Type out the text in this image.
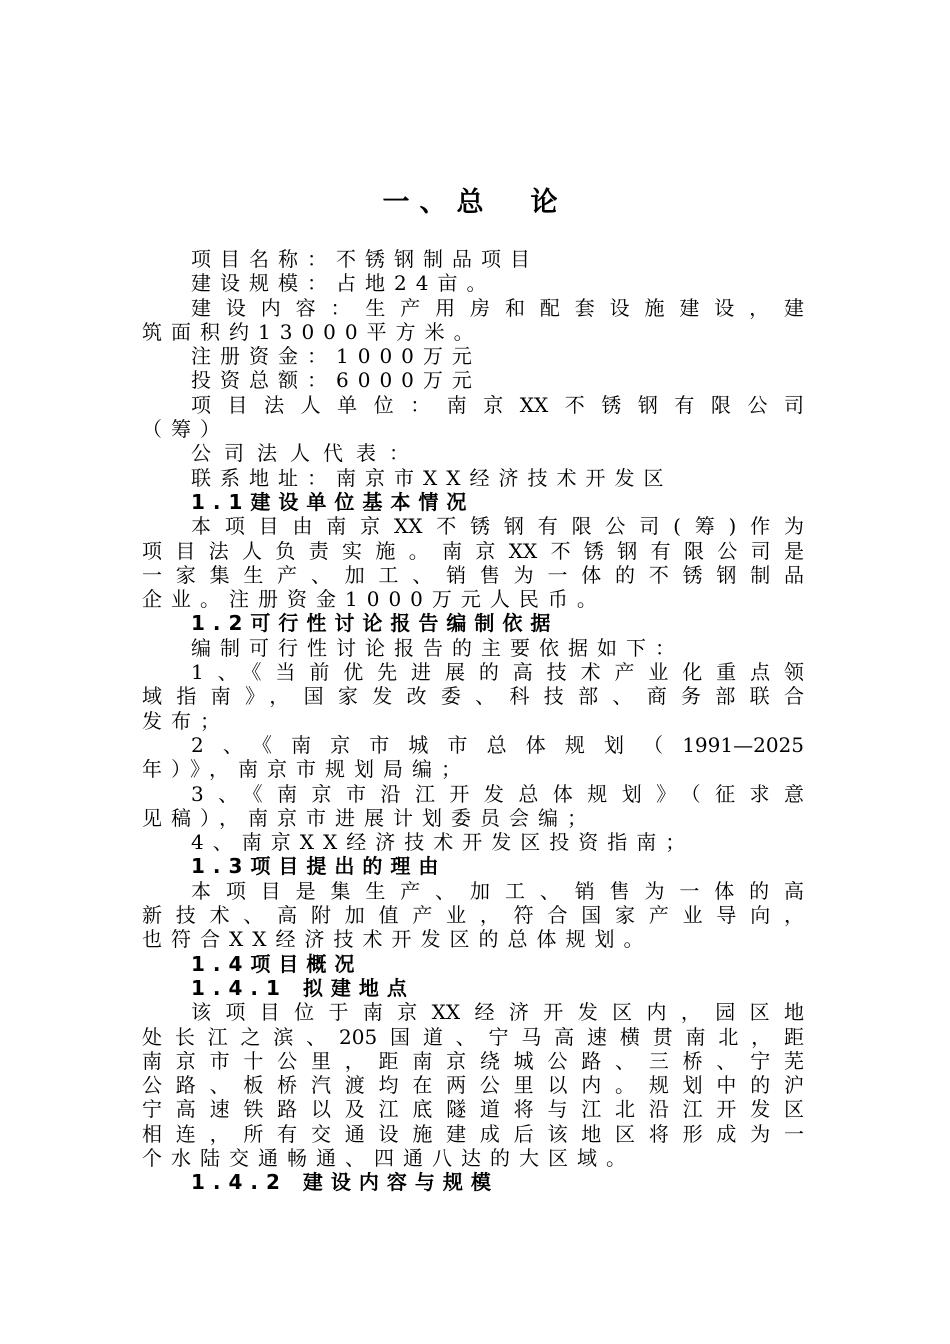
一、总　论
项目名称：不锈钢制品项目
建设规模：占地24亩。
建设内容：生产用房和配套设施建设，建
筑面积约13000平方米。
注册资金：1000万元
投资总额：6000万元
项目法人单位：南京XX不锈钢有限公司
（筹）
公司法人代表：
联系地址：南京市XX经济技术开发区
1.1建设单位基本情况
本项目由南京XX不锈钢有限公司(筹)作为
项目法人负责实施。南京XX不锈钢有限公司是
一家集生产、加工、销售为一体的不锈钢制品
企业。注册资金1000万元人民币。
1.2可行性讨论报告编制依据
编制可行性讨论报告的主要依据如下：
1、《当前优先进展的高技术产业化重点领
域指南》，国家发改委、科技部、商务部联合
发布；
2、《南京市城市总体规划（1991—2025
年）》，南京市规划局编；
3、《南京市沿江开发总体规划》（征求意
见稿），南京市进展计划委员会编；
4、南京XX经济技术开发区投资指南；
1.3项目提出的理由
本项目是集生产、加工、销售为一体的高
新技术、高附加值产业，符合国家产业导向，
也符合XX经济技术开发区的总体规划。
1.4项目概况
1.4.1 拟建地点
该项目位于南京XX经济开发区内，园区地
处长江之滨、205国道、宁马高速横贯南北，距
南京市十公里，距南京绕城公路、三桥、宁芜
公路、板桥汽渡均在两公里以内。规划中的沪
宁高速铁路以及江底隧道将与江北沿江开发区
相连，所有交通设施建成后该地区将形成为一
个水陆交通畅通、四通八达的大区域。
1.4.2 建设内容与规模
